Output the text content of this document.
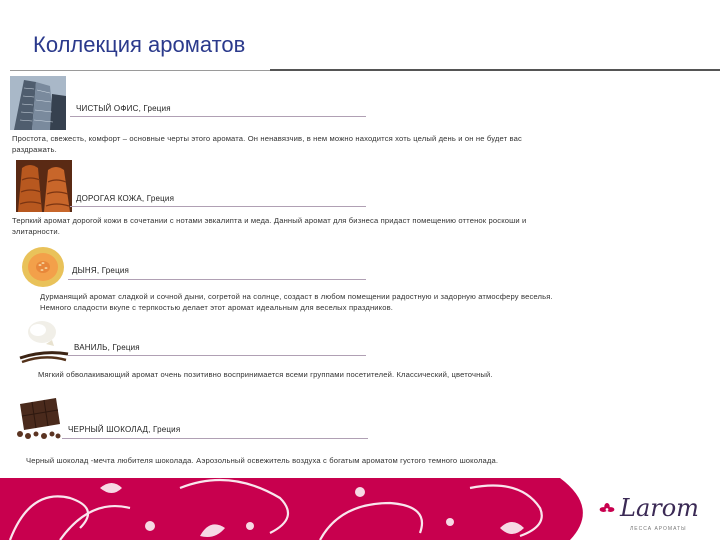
Коллекция ароматов
ЧИСТЫЙ ОФИС, Греция
Простота, свежесть, комфорт – основные черты этого аромата. Он ненавязчив, в нем можно находится хоть целый день и он не будет вас
раздражать.
ДОРОГАЯ КОЖА, Греция
Терпкий аромат дорогой кожи в сочетании с нотами эвкалипта и меда. Данный аромат для бизнеса придаст помещению оттенок роскоши и
элитарности.
ДЫНЯ, Греция
Дурманящий аромат сладкой и сочной дыни, согретой на солнце, создаст в любом помещении радостную и задорную атмосферу веселья.
Немного сладости вкупе с терпкостью делает этот аромат идеальным для веселых праздников.
ВАНИЛЬ, Греция
Мягкий обволакивающий аромат очень позитивно воспринимается всеми группами посетителей. Классический, цветочный.
ЧЕРНЫЙ ШОКОЛАД, Греция
Черный шоколад -мечта любителя шоколада. Аэрозольный освежитель воздуха с богатым ароматом густого темного шоколада.
Larom
ЛЕССА АРОМАТЫ
